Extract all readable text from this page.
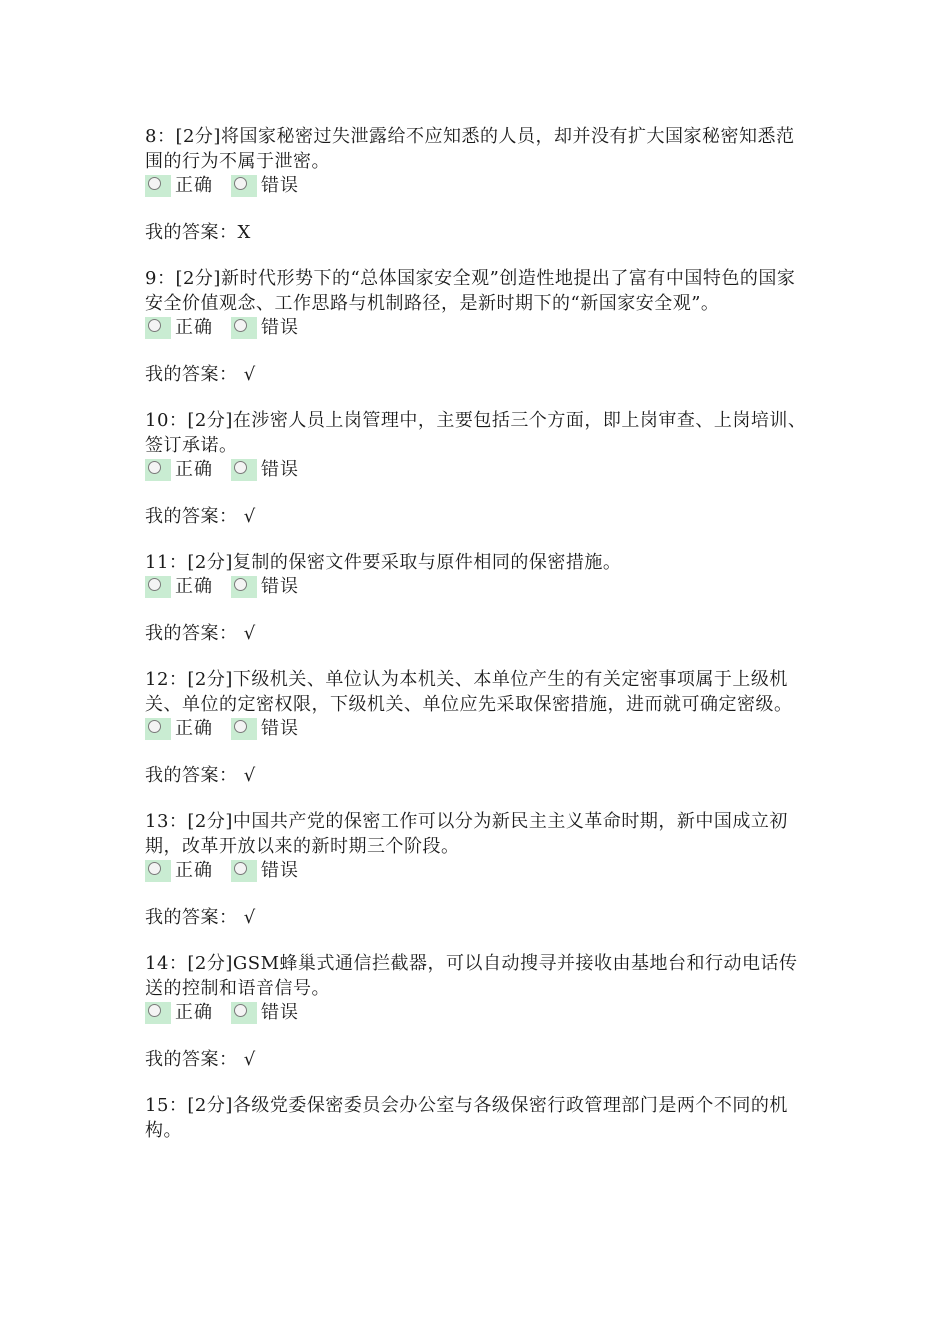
8：[2分]将国家秘密过失泄露给不应知悉的人员，却并没有扩大国家秘密知悉范围的行为不属于泄密。

正确	错误
我的答案：X

9：[2分]新时代形势下的“总体国家安全观”创造性地提出了富有中国特色的国家安全价值观念、工作思路与机制路径，是新时期下的“新国家安全观”。

正确	错误
我的答案： √

10：[2分]在涉密人员上岗管理中，主要包括三个方面，即上岗审查、上岗培训、签订承诺。

正确	错误
我的答案： √

11：[2分]复制的保密文件要采取与原件相同的保密措施。

正确	错误
我的答案： √

12：[2分]下级机关、单位认为本机关、本单位产生的有关定密事项属于上级机关、单位的定密权限，下级机关、单位应先采取保密措施，进而就可确定密级。

正确	错误
我的答案： √

13：[2分]中国共产党的保密工作可以分为新民主主义革命时期，新中国成立初期，改革开放以来的新时期三个阶段。

正确	错误
我的答案： √

14：[2分]GSM蜂巢式通信拦截器，可以自动搜寻并接收由基地台和行动电话传送的控制和语音信号。

正确	错误
我的答案： √

15：[2分]各级党委保密委员会办公室与各级保密行政管理部门是两个不同的机构。
